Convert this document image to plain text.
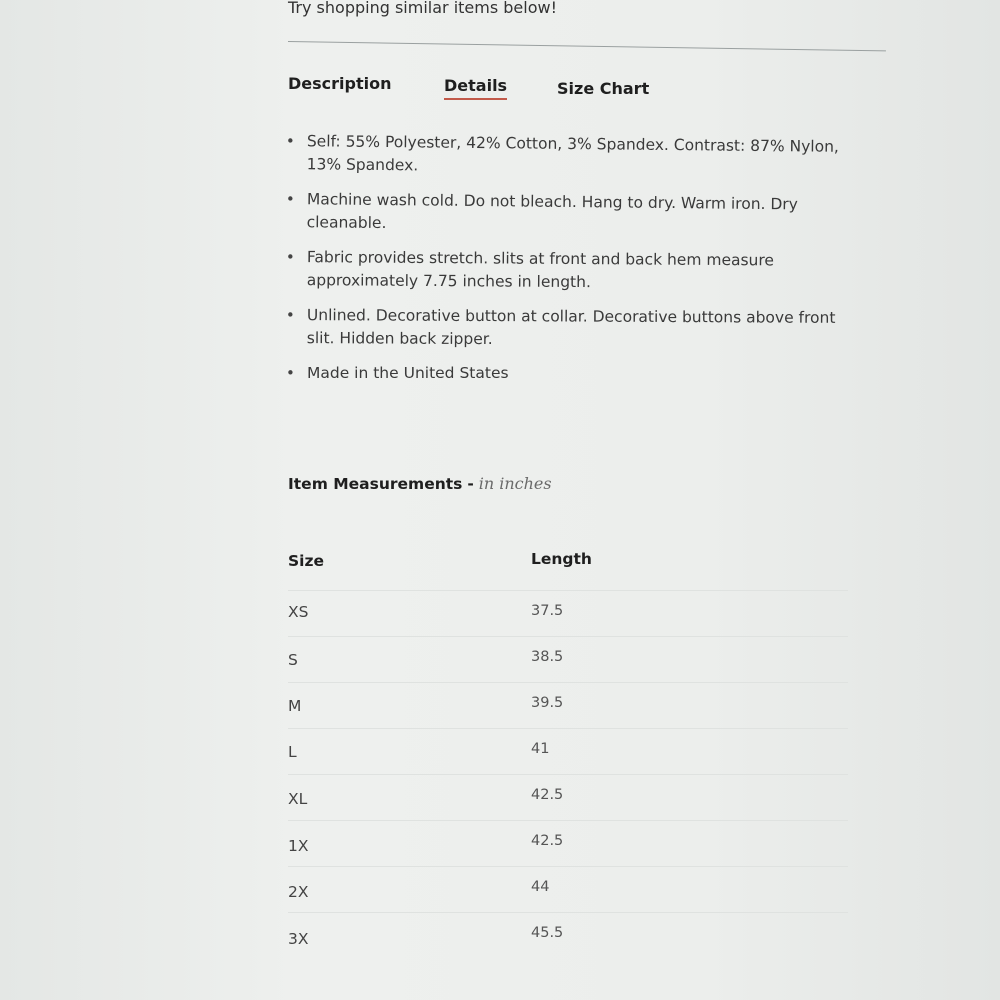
Try shopping similar items below!
Description	Details	Size Chart
• Self: 55% Polyester, 42% Cotton, 3% Spandex. Contrast: 87% Nylon, 13% Spandex.
• Machine wash cold. Do not bleach. Hang to dry. Warm iron. Dry cleanable.
• Fabric provides stretch. slits at front and back hem measure approximately 7.75 inches in length.
• Unlined. Decorative button at collar. Decorative buttons above front slit. Hidden back zipper.
• Made in the United States
Item Measurements - in inches
Size	Length
XS	37.5
S	38.5
M	39.5
L	41
XL	42.5
1X	42.5
2X	44
3X	45.5
